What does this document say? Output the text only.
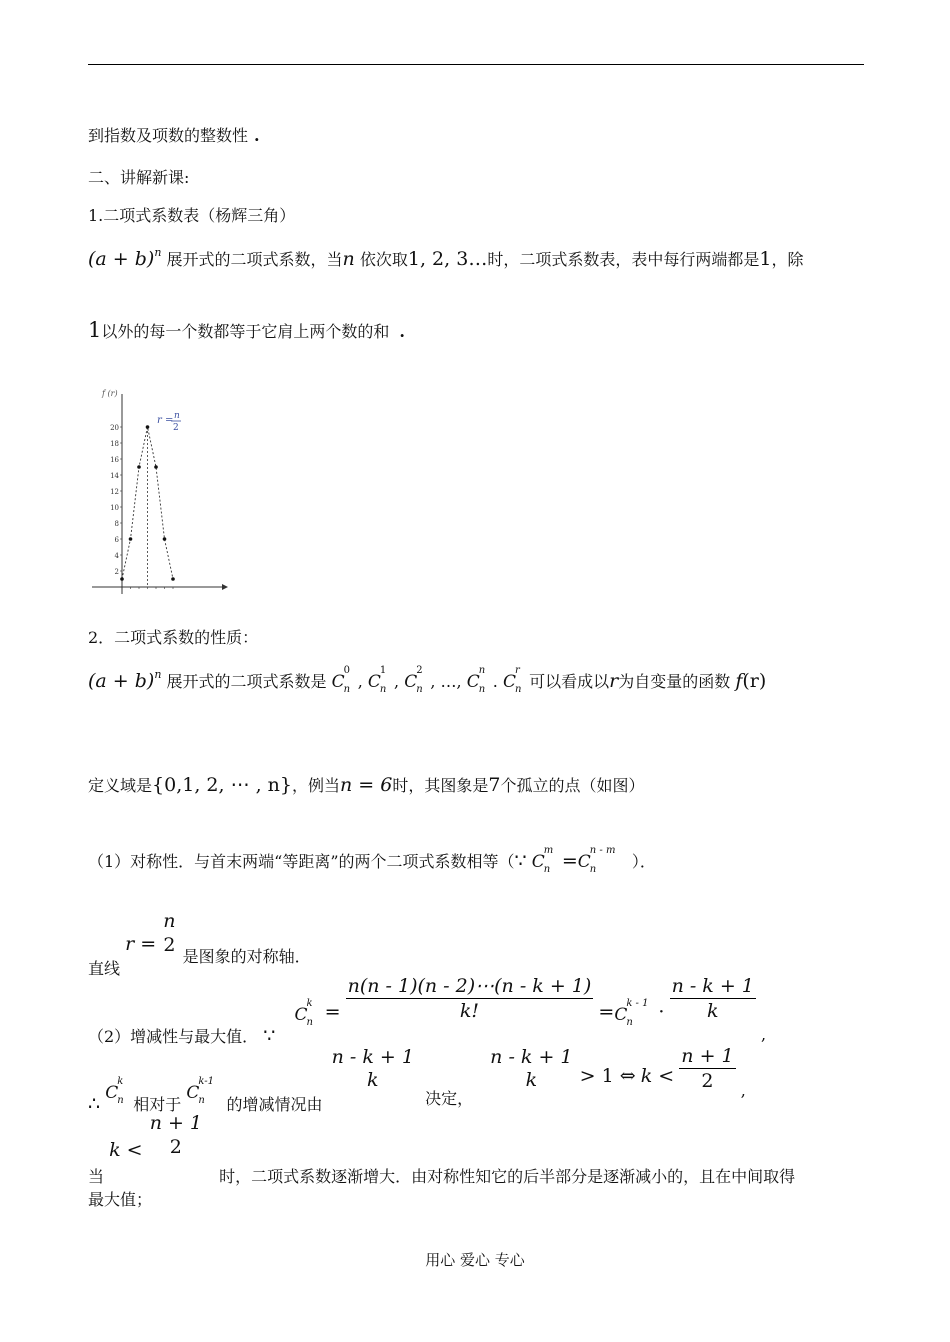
到指数及项数的整数性 .
二、讲解新课:
1.二项式系数表（杨辉三角）
$(a + b)^n$ 展开式的二项式系数，当n 依次取1, 2, 3…时，二项式系数表，表中每行两端都是1，除
1以外的每一个数都等于它肩上两个数的和 .
f (r)
20
18
16
14
12
10
8
6
4
2
r = n
2
2．二项式系数的性质：
$(a + b)^n$ 展开式的二项式系数是 C
0
n , C
1
n , C
2
n , …, C
n
n . C
r
n 可以看成以r为自变量的函数 f(r)
定义域是{0,1, 2, ⋯ , n}，例当n = 6时，其图象是7个孤立的点（如图）
（1）对称性．与首末两端“等距离”的两个二项式系数相等（∵ C
m
n =C
n - m
n ）．
直线 r =
n
2
是图象的对称轴．
（2）增减性与最大值． ∵ C
k
$n = \frac{n(n - 1)(n - 2)\cdots(n - k + 1)}{k!} =C$
k - 1
$n \cdot \frac{n - k + 1}{k}$
,
∴ C
k
n 相对于 C
k-1
n 的增减情况由
n - k + 1
k
决定，
n - k + 1
k	> 1 ⇔ $k < \frac{n + 1}{2}$ ,
当 k <
n + 1
2
时，二项式系数逐渐增大．由对称性知它的后半部分是逐渐减小的，且在中间取得
最大值；
用心 爱心 专心
